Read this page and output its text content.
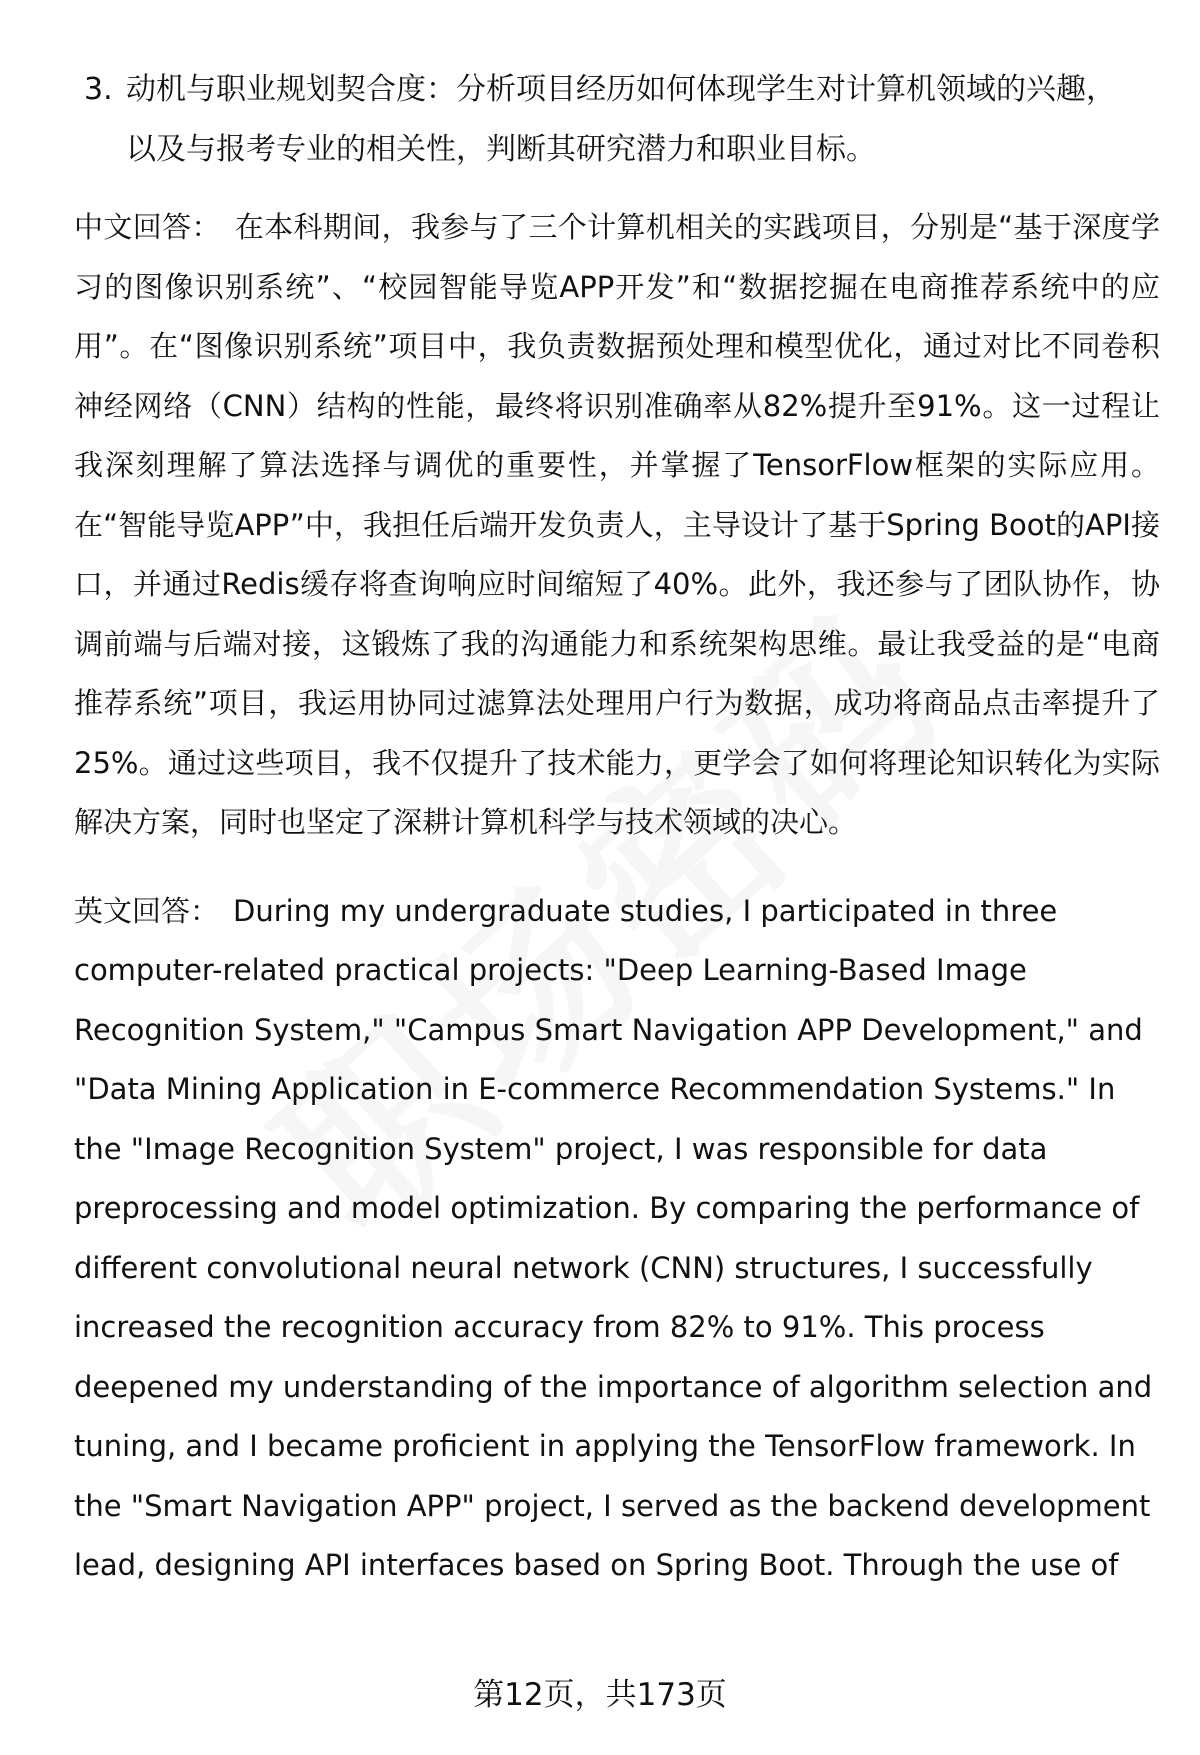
3. 动机与职业规划契合度：分析项目经历如何体现学生对计算机领域的兴趣，以及与报考专业的相关性，判断其研究潜力和职业目标。

中文回答： 在本科期间，我参与了三个计算机相关的实践项目，分别是“基于深度学习的图像识别系统”、“校园智能导览APP开发”和“数据挖掘在电商推荐系统中的应用”。在“图像识别系统”项目中，我负责数据预处理和模型优化，通过对比不同卷积神经网络（CNN）结构的性能，最终将识别准确率从82%提升至91%。这一过程让我深刻理解了算法选择与调优的重要性，并掌握了TensorFlow框架的实际应用。在“智能导览APP”中，我担任后端开发负责人，主导设计了基于Spring Boot的API接口，并通过Redis缓存将查询响应时间缩短了40%。此外，我还参与了团队协作，协调前端与后端对接，这锻炼了我的沟通能力和系统架构思维。最让我受益的是“电商推荐系统”项目，我运用协同过滤算法处理用户行为数据，成功将商品点击率提升了25%。通过这些项目，我不仅提升了技术能力，更学会了如何将理论知识转化为实际解决方案，同时也坚定了深耕计算机科学与技术领域的决心。

英文回答： During my undergraduate studies, I participated in three computer-related practical projects: "Deep Learning-Based Image Recognition System," "Campus Smart Navigation APP Development," and "Data Mining Application in E-commerce Recommendation Systems." In the "Image Recognition System" project, I was responsible for data preprocessing and model optimization. By comparing the performance of different convolutional neural network (CNN) structures, I successfully increased the recognition accuracy from 82% to 91%. This process deepened my understanding of the importance of algorithm selection and tuning, and I became proficient in applying the TensorFlow framework. In the "Smart Navigation APP" project, I served as the backend development lead, designing API interfaces based on Spring Boot. Through the use of

第12页，共173页
